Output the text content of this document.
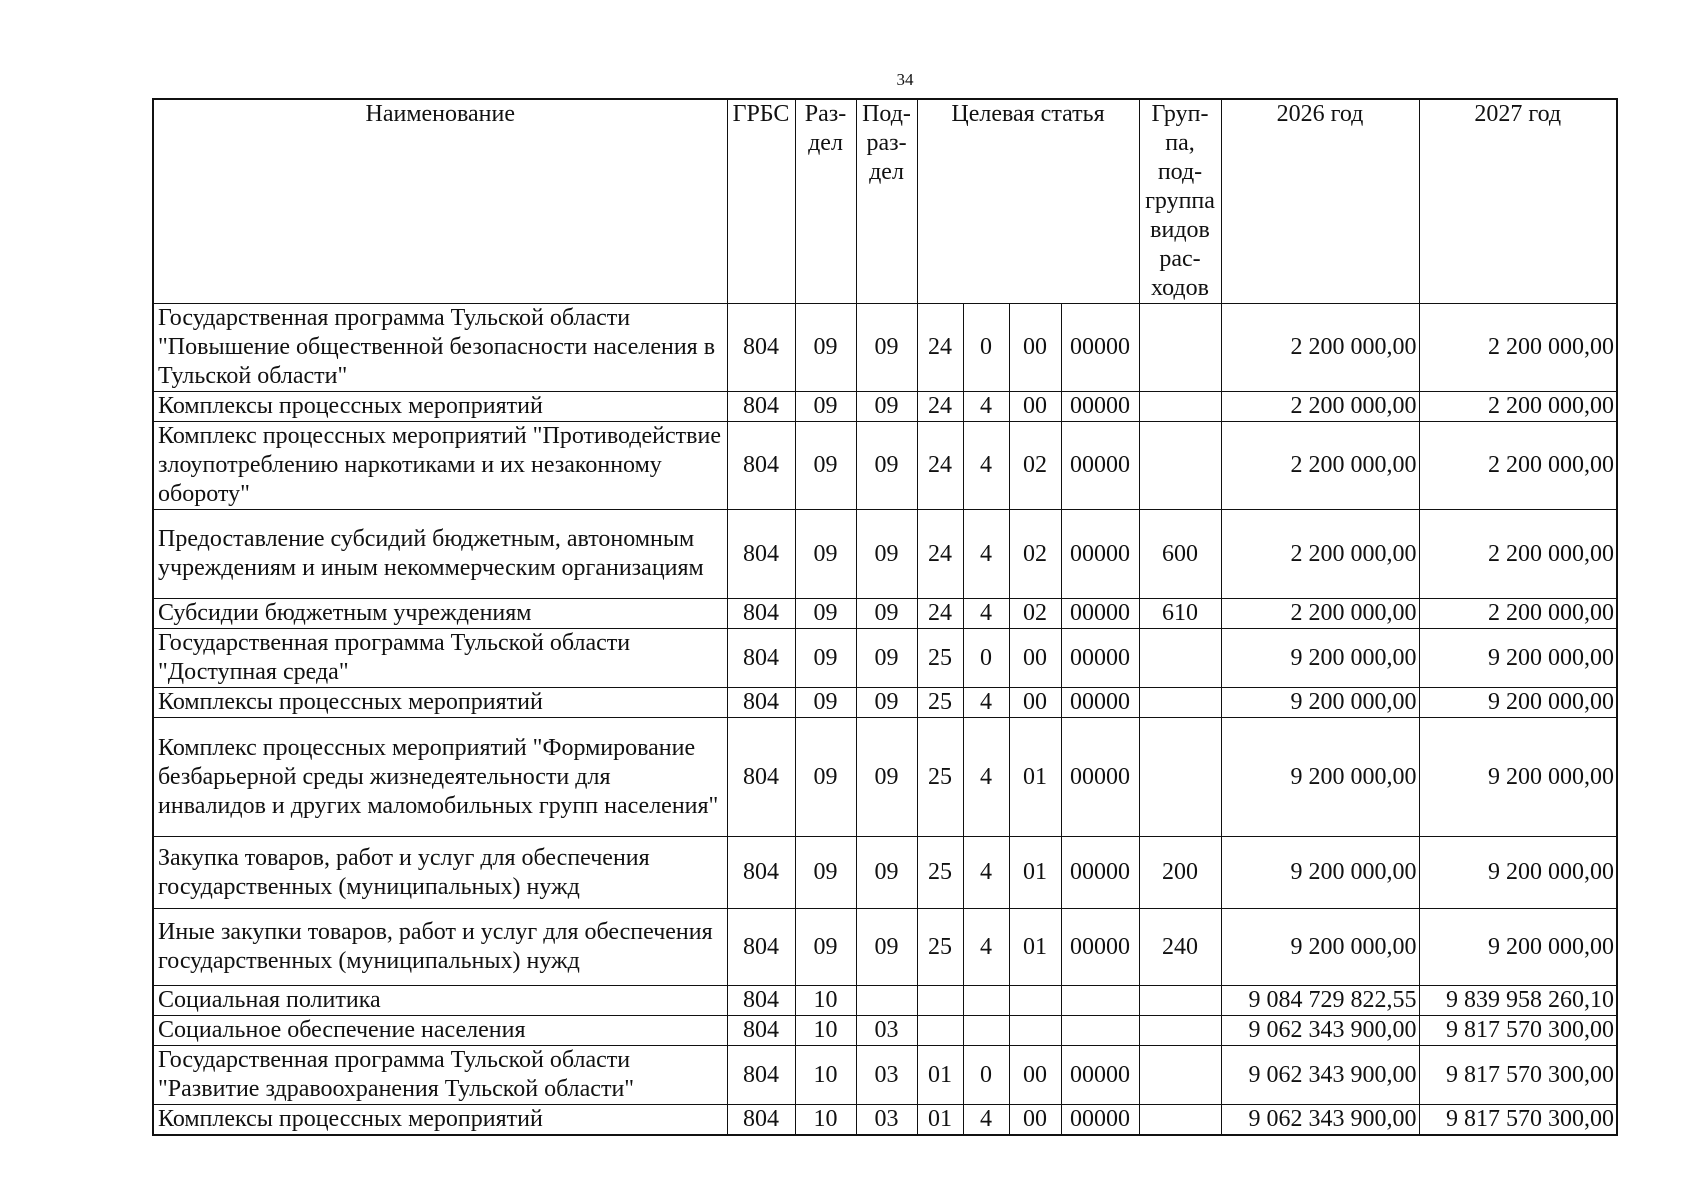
34
Наименование	ГРБС	Раз-дел	Под-раз-дел	Целевая статья				Груп-па, под-группа видов рас-ходов	2026 год	2027 год
Государственная программа Тульской области "Повышение общественной безопасности населения в Тульской области"	804	09	09	24	0	00	00000		2 200 000,00	2 200 000,00
Комплексы процессных мероприятий	804	09	09	24	4	00	00000		2 200 000,00	2 200 000,00
Комплекс процессных мероприятий "Противодействие злоупотреблению наркотиками и их незаконному обороту"	804	09	09	24	4	02	00000		2 200 000,00	2 200 000,00
Предоставление субсидий бюджетным, автономным учреждениям и иным некоммерческим организациям	804	09	09	24	4	02	00000	600	2 200 000,00	2 200 000,00
Субсидии бюджетным учреждениям	804	09	09	24	4	02	00000	610	2 200 000,00	2 200 000,00
Государственная программа Тульской области "Доступная среда"	804	09	09	25	0	00	00000		9 200 000,00	9 200 000,00
Комплексы процессных мероприятий	804	09	09	25	4	00	00000		9 200 000,00	9 200 000,00
Комплекс процессных мероприятий "Формирование безбарьерной среды жизнедеятельности для инвалидов и других маломобильных групп населения"	804	09	09	25	4	01	00000		9 200 000,00	9 200 000,00
Закупка товаров, работ и услуг для обеспечения государственных (муниципальных) нужд	804	09	09	25	4	01	00000	200	9 200 000,00	9 200 000,00
Иные закупки товаров, работ и услуг для обеспечения государственных (муниципальных) нужд	804	09	09	25	4	01	00000	240	9 200 000,00	9 200 000,00
Социальная политика	804	10							9 084 729 822,55	9 839 958 260,10
Социальное обеспечение населения	804	10	03						9 062 343 900,00	9 817 570 300,00
Государственная программа Тульской области "Развитие здравоохранения Тульской области"	804	10	03	01	0	00	00000		9 062 343 900,00	9 817 570 300,00
Комплексы процессных мероприятий	804	10	03	01	4	00	00000		9 062 343 900,00	9 817 570 300,00
